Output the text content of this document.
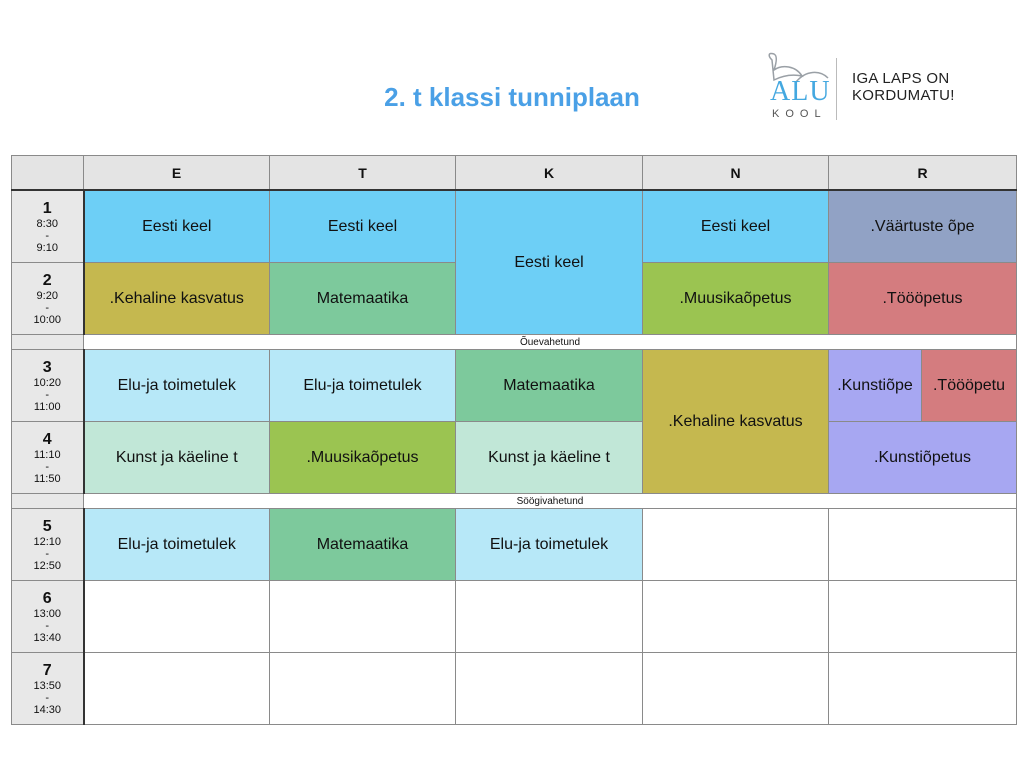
2. t klassi tunniplaan	ALU
KOOL
IGA LAPS ON
KORDUMATU!
	E	T	K	N	R	

1
8:30
-
9:10	Eesti keel	Eesti keel	Eesti keel	Eesti keel	.Väärtuste õpe	

2
9:20
-
10:00	.Kehaline kasvatus	Matemaatika		.Muusikaõpetus	.Töööpetus	
	Õuevahetund					

3
10:20
-
11:00	Elu-ja toimetulek	Elu-ja toimetulek	Matemaatika	.Kehaline kasvatus	.Kunstiõpe	.Töööpetu

4
11:10
-
11:50	Kunst ja käeline t	.Muusikaõpetus	Kunst ja käeline t		.Kunstiõpetus	
	Söögivahetund					

5
12:10
-
12:50	Elu-ja toimetulek	Matemaatika	Elu-ja toimetulek			

6
13:00
-
13:40						

7
13:50
-
14:30						
